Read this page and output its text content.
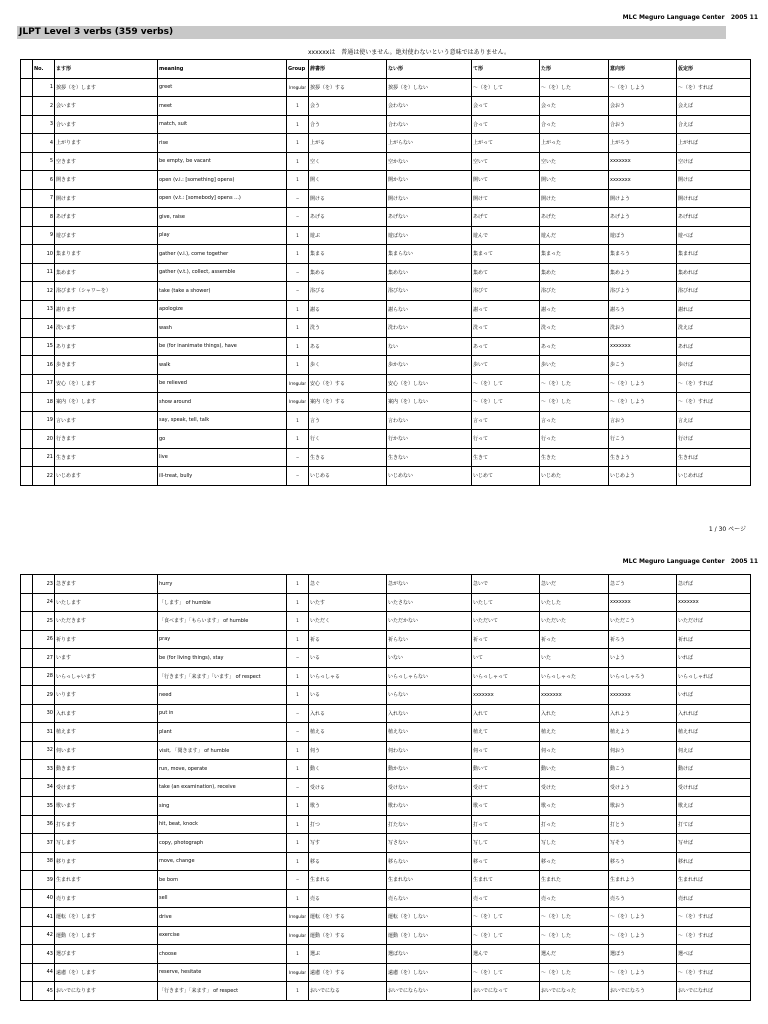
MLC Meguro Language Center 2005 11
JLPT Level 3 verbs (359 verbs)
xxxxxxは　普通は使いません。絶対使わないという意味ではありません。
	No.	ます形	meaning	Group	辞書形	ない形	て形	た形	意向形	仮定形
	1	挨拶（を）します	greet	Irregular	挨拶（を）する	挨拶（を）しない	～（を）して	～（を）した	～（を）しよう	～（を）すれば
	2	会います	meet	1	会う	会わない	会って	会った	会おう	会えば
	3	合います	match, suit	1	合う	合わない	合って	合った	合おう	合えば
	4	上がります	rise	1	上がる	上がらない	上がって	上がった	上がろう	上がれば
	5	空きます	be empty, be vacant	1	空く	空かない	空いて	空いた	xxxxxxx	空けば
	6	開きます	open (v.i.: [something] opens)	1	開く	開かない	開いて	開いた	xxxxxxx	開けば
	7	開けます	open (v.t.: [somebody] opens ...)	−	開ける	開けない	開けて	開けた	開けよう	開ければ
	8	あげます	give, raise	−	あげる	あげない	あげて	あげた	あげよう	あげれば
	9	遊びます	play	1	遊ぶ	遊ばない	遊んで	遊んだ	遊ぼう	遊べば
	10	集まります	gather (v.i.), come together	1	集まる	集まらない	集まって	集まった	集まろう	集まれば
	11	集めます	gather (v.t.), collect, assemble	−	集める	集めない	集めて	集めた	集めよう	集めれば
	12	浴びます（シャワーを）	take (take a shower)	−	浴びる	浴びない	浴びて	浴びた	浴びよう	浴びれば
	13	謝ります	apologize	1	謝る	謝らない	謝って	謝った	謝ろう	謝れば
	14	洗います	wash	1	洗う	洗わない	洗って	洗った	洗おう	洗えば
	15	あります	be (for inanimate things), have	1	ある	ない	あって	あった	xxxxxxx	あれば
	16	歩きます	walk	1	歩く	歩かない	歩いて	歩いた	歩こう	歩けば
	17	安心（を）します	be relieved	Irregular	安心（を）する	安心（を）しない	～（を）して	～（を）した	～（を）しよう	～（を）すれば
	18	案内（を）します	show around	Irregular	案内（を）する	案内（を）しない	～（を）して	～（を）した	～（を）しよう	～（を）すれば
	19	言います	say, speak, tell, talk	1	言う	言わない	言って	言った	言おう	言えば
	20	行きます	go	1	行く	行かない	行って	行った	行こう	行けば
	21	生きます	live	−	生きる	生きない	生きて	生きた	生きよう	生きれば
	22	いじめます	ill-treat, bully	−	いじめる	いじめない	いじめて	いじめた	いじめよう	いじめれば
1 / 30 ページ
MLC Meguro Language Center 2005 11
	23	急ぎます	hurry	1	急ぐ	急がない	急いで	急いだ	急ごう	急げば
	24	いたします	「します」 of humble	1	いたす	いたさない	いたして	いたした	xxxxxxx	xxxxxxx
	25	いただきます	「食べます」「もらいます」 of humble	1	いただく	いただかない	いただいて	いただいた	いただこう	いただけば
	26	祈ります	pray	1	祈る	祈らない	祈って	祈った	祈ろう	祈れば
	27	います	be (for living things), stay	−	いる	いない	いて	いた	いよう	いれば
	28	いらっしゃいます	「行きます」「来ます」「います」 of respect	1	いらっしゃる	いらっしゃらない	いらっしゃって	いらっしゃった	いらっしゃろう	いらっしゃれば
	29	いります	need	1	いる	いらない	xxxxxxx	xxxxxxx	xxxxxxx	いれば
	30	入れます	put in	−	入れる	入れない	入れて	入れた	入れよう	入れれば
	31	植えます	plant	−	植える	植えない	植えて	植えた	植えよう	植えれば
	32	伺います	visit, 「聞きます」 of humble	1	伺う	伺わない	伺って	伺った	伺おう	伺えば
	33	動きます	run, move, operate	1	動く	動かない	動いて	動いた	動こう	動けば
	34	受けます	take (an examination), receive	−	受ける	受けない	受けて	受けた	受けよう	受ければ
	35	歌います	sing	1	歌う	歌わない	歌って	歌った	歌おう	歌えば
	36	打ちます	hit, beat, knock	1	打つ	打たない	打って	打った	打とう	打てば
	37	写します	copy, photograph	1	写す	写さない	写して	写した	写そう	写せば
	38	移ります	move, change	1	移る	移らない	移って	移った	移ろう	移れば
	39	生まれます	be born	−	生まれる	生まれない	生まれて	生まれた	生まれよう	生まれれば
	40	売ります	sell	1	売る	売らない	売って	売った	売ろう	売れば
	41	運転（を）します	drive	Irregular	運転（を）する	運転（を）しない	～（を）して	～（を）した	～（を）しよう	～（を）すれば
	42	運動（を）します	exercise	Irregular	運動（を）する	運動（を）しない	～（を）して	～（を）した	～（を）しよう	～（を）すれば
	43	選びます	choose	1	選ぶ	選ばない	選んで	選んだ	選ぼう	選べば
	44	遠慮（を）します	reserve, hesitate	Irregular	遠慮（を）する	遠慮（を）しない	～（を）して	～（を）した	～（を）しよう	～（を）すれば
	45	おいでになります	「行きます」「来ます」 of respect	1	おいでになる	おいでにならない	おいでになって	おいでになった	おいでになろう	おいでになれば
